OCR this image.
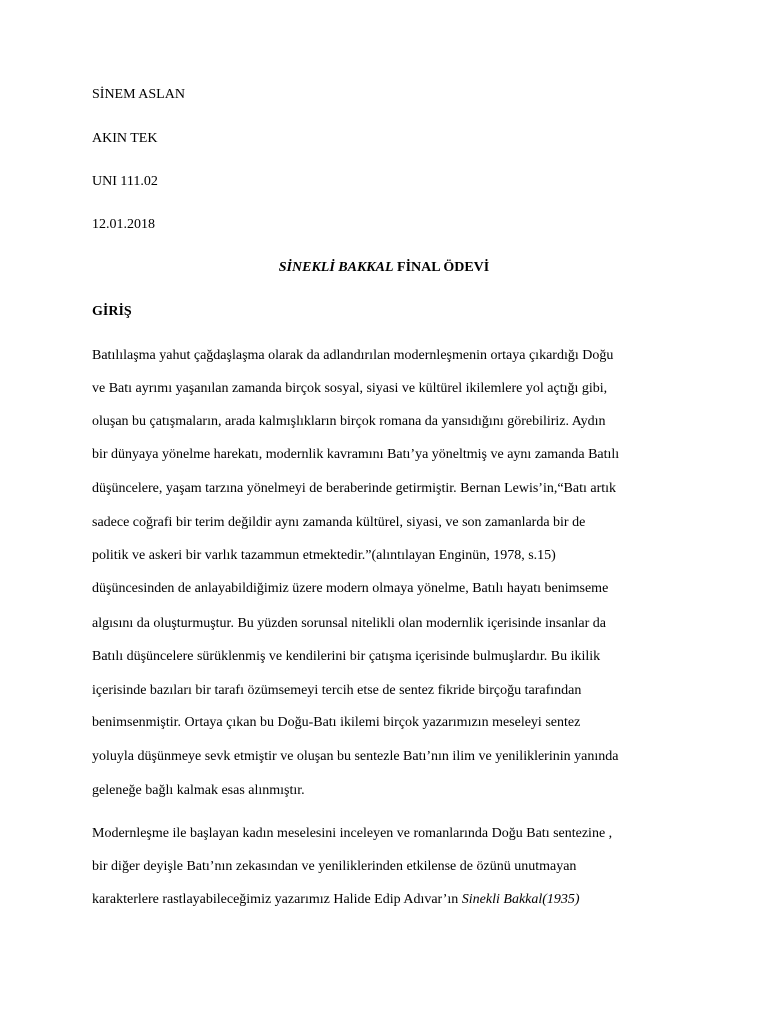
SİNEM ASLAN

AKIN TEK

UNI 111.02

12.01.2018

SİNEKLİ BAKKAL FİNAL ÖDEVİ

GİRİŞ

Batılılaşma yahut çağdaşlaşma olarak da adlandırılan modernleşmenin ortaya çıkardığı Doğu

ve Batı ayrımı yaşanılan zamanda birçok sosyal, siyasi ve kültürel ikilemlere yol açtığı gibi,

oluşan bu çatışmaların, arada kalmışlıkların birçok romana da yansıdığını görebiliriz. Aydın

bir dünyaya yönelme harekatı, modernlik kavramını Batı’ya yöneltmiş ve aynı zamanda Batılı

düşüncelere, yaşam tarzına yönelmeyi de beraberinde getirmiştir. Bernan Lewis’in,“Batı artık

sadece coğrafi bir terim değildir aynı zamanda kültürel, siyasi, ve son zamanlarda bir de

politik ve askeri bir varlık tazammun etmektedir.”(alıntılayan Enginün, 1978, s.15)

düşüncesinden de anlayabildiğimiz üzere modern olmaya yönelme, Batılı hayatı benimseme

algısını da oluşturmuştur. Bu yüzden sorunsal nitelikli olan modernlik içerisinde insanlar da

Batılı düşüncelere sürüklenmiş ve kendilerini bir çatışma içerisinde bulmuşlardır. Bu ikilik

içerisinde bazıları bir tarafı özümsemeyi tercih etse de sentez fikride birçoğu tarafından

benimsenmiştir. Ortaya çıkan bu Doğu-Batı ikilemi birçok yazarımızın meseleyi sentez

yoluyla düşünmeye sevk etmiştir ve oluşan bu sentezle Batı’nın ilim ve yeniliklerinin yanında

geleneğe bağlı kalmak esas alınmıştır.

Modernleşme ile başlayan kadın meselesini inceleyen ve romanlarında Doğu Batı sentezine ,

bir diğer deyişle Batı’nın zekasından ve yeniliklerinden etkilense de özünü unutmayan

karakterlere rastlayabileceğimiz yazarımız Halide Edip Adıvar’ın Sinekli Bakkal(1935)
